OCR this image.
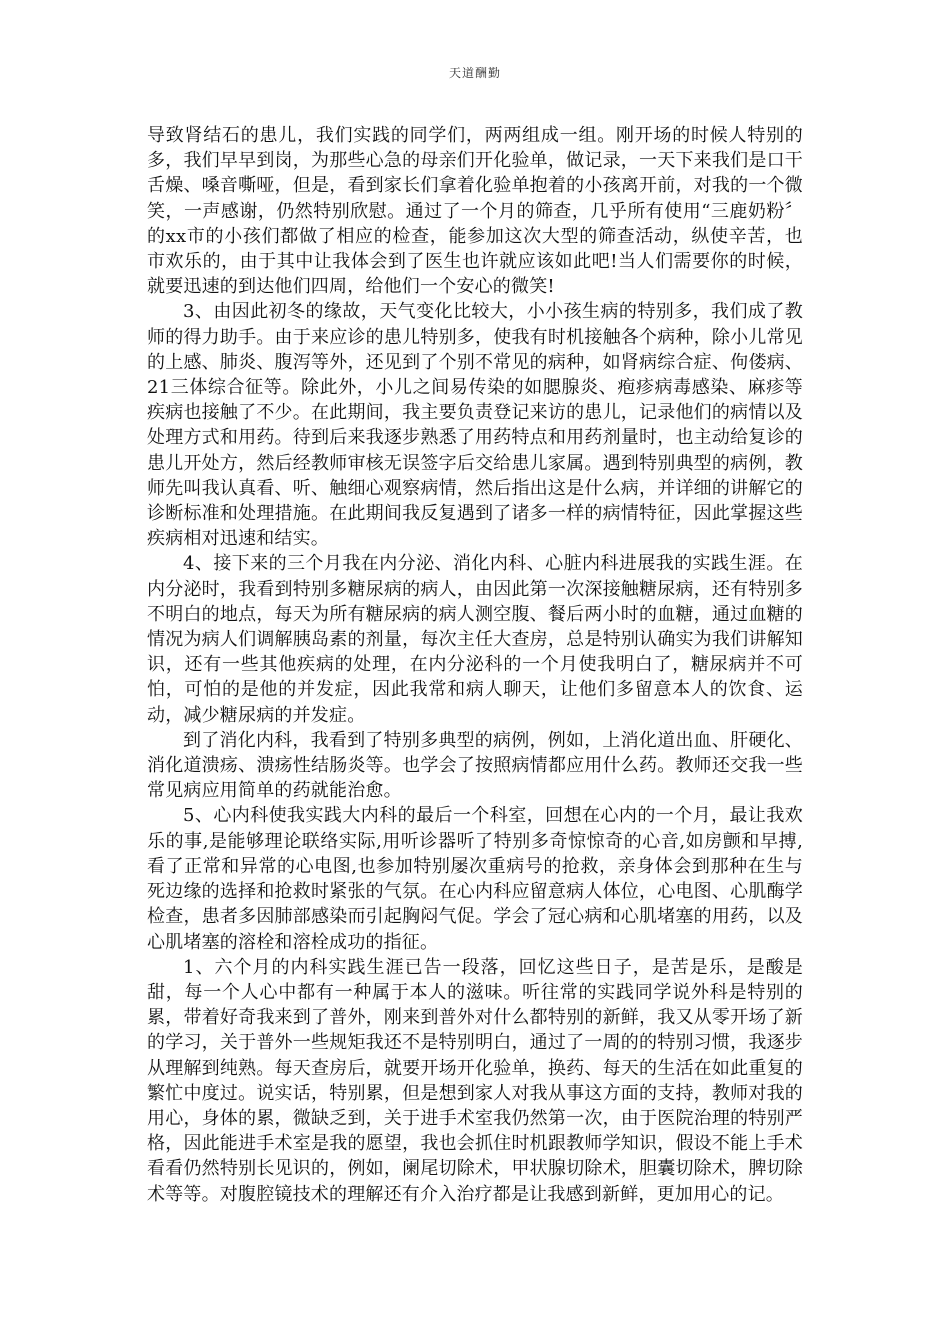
天道酬勤

导致肾结石的患儿，我们实践的同学们，两两组成一组。刚开场的时候人特别的多，我们早早到岗，为那些心急的母亲们开化验单，做记录，一天下来我们是口干舌燥、嗓音嘶哑，但是，看到家长们拿着化验单抱着的小孩离开前，对我的一个微笑，一声感谢，仍然特别欣慰。通过了一个月的筛查，几乎所有使用“三鹿奶粉〞的xx市的小孩们都做了相应的检查，能参加这次大型的筛查活动，纵使辛苦，也市欢乐的，由于其中让我体会到了医生也许就应该如此吧!当人们需要你的时候，就要迅速的到达他们四周，给他们一个安心的微笑!

3、由因此初冬的缘故，天气变化比较大，小小孩生病的特别多，我们成了教师的得力助手。由于来应诊的患儿特别多，使我有时机接触各个病种，除小儿常见的上感、肺炎、腹泻等外，还见到了个别不常见的病种，如肾病综合症、佝偻病、21三体综合征等。除此外，小儿之间易传染的如腮腺炎、疱疹病毒感染、麻疹等疾病也接触了不少。在此期间，我主要负责登记来访的患儿，记录他们的病情以及处理方式和用药。待到后来我逐步熟悉了用药特点和用药剂量时，也主动给复诊的患儿开处方，然后经教师审核无误签字后交给患儿家属。遇到特别典型的病例，教师先叫我认真看、听、触细心观察病情，然后指出这是什么病，并详细的讲解它的诊断标准和处理措施。在此期间我反复遇到了诸多一样的病情特征，因此掌握这些疾病相对迅速和结实。

4、接下来的三个月我在内分泌、消化内科、心脏内科进展我的实践生涯。在内分泌时，我看到特别多糖尿病的病人，由因此第一次深接触糖尿病，还有特别多不明白的地点，每天为所有糖尿病的病人测空腹、餐后两小时的血糖，通过血糖的情况为病人们调解胰岛素的剂量，每次主任大查房，总是特别认确实为我们讲解知识，还有一些其他疾病的处理，在内分泌科的一个月使我明白了，糖尿病并不可怕，可怕的是他的并发症，因此我常和病人聊天，让他们多留意本人的饮食、运动，减少糖尿病的并发症。

到了消化内科，我看到了特别多典型的病例，例如，上消化道出血、肝硬化、消化道溃疡、溃疡性结肠炎等。也学会了按照病情都应用什么药。教师还交我一些常见病应用简单的药就能治愈。

5、心内科使我实践大内科的最后一个科室，回想在心内的一个月，最让我欢乐的事,是能够理论联络实际,用听诊器听了特别多奇惊惊奇的心音,如房颤和早搏,看了正常和异常的心电图,也参加特别屡次重病号的抢救，亲身体会到那种在生与死边缘的选择和抢救时紧张的气氛。在心内科应留意病人体位，心电图、心肌酶学检查，患者多因肺部感染而引起胸闷气促。学会了冠心病和心肌堵塞的用药，以及心肌堵塞的溶栓和溶栓成功的指征。

1、六个月的内科实践生涯已告一段落，回忆这些日子，是苦是乐，是酸是甜，每一个人心中都有一种属于本人的滋味。听往常的实践同学说外科是特别的累，带着好奇我来到了普外，刚来到普外对什么都特别的新鲜，我又从零开场了新的学习，关于普外一些规矩我还不是特别明白，通过了一周的的特别习惯，我逐步从理解到纯熟。每天查房后，就要开场开化验单，换药、每天的生活在如此重复的繁忙中度过。说实话，特别累，但是想到家人对我从事这方面的支持，教师对我的用心，身体的累，微缺乏到，关于进手术室我仍然第一次，由于医院治理的特别严格，因此能进手术室是我的愿望，我也会抓住时机跟教师学知识，假设不能上手术看看仍然特别长见识的，例如，阑尾切除术，甲状腺切除术，胆囊切除术，脾切除术等等。对腹腔镜技术的理解还有介入治疗都是让我感到新鲜，更加用心的记。
